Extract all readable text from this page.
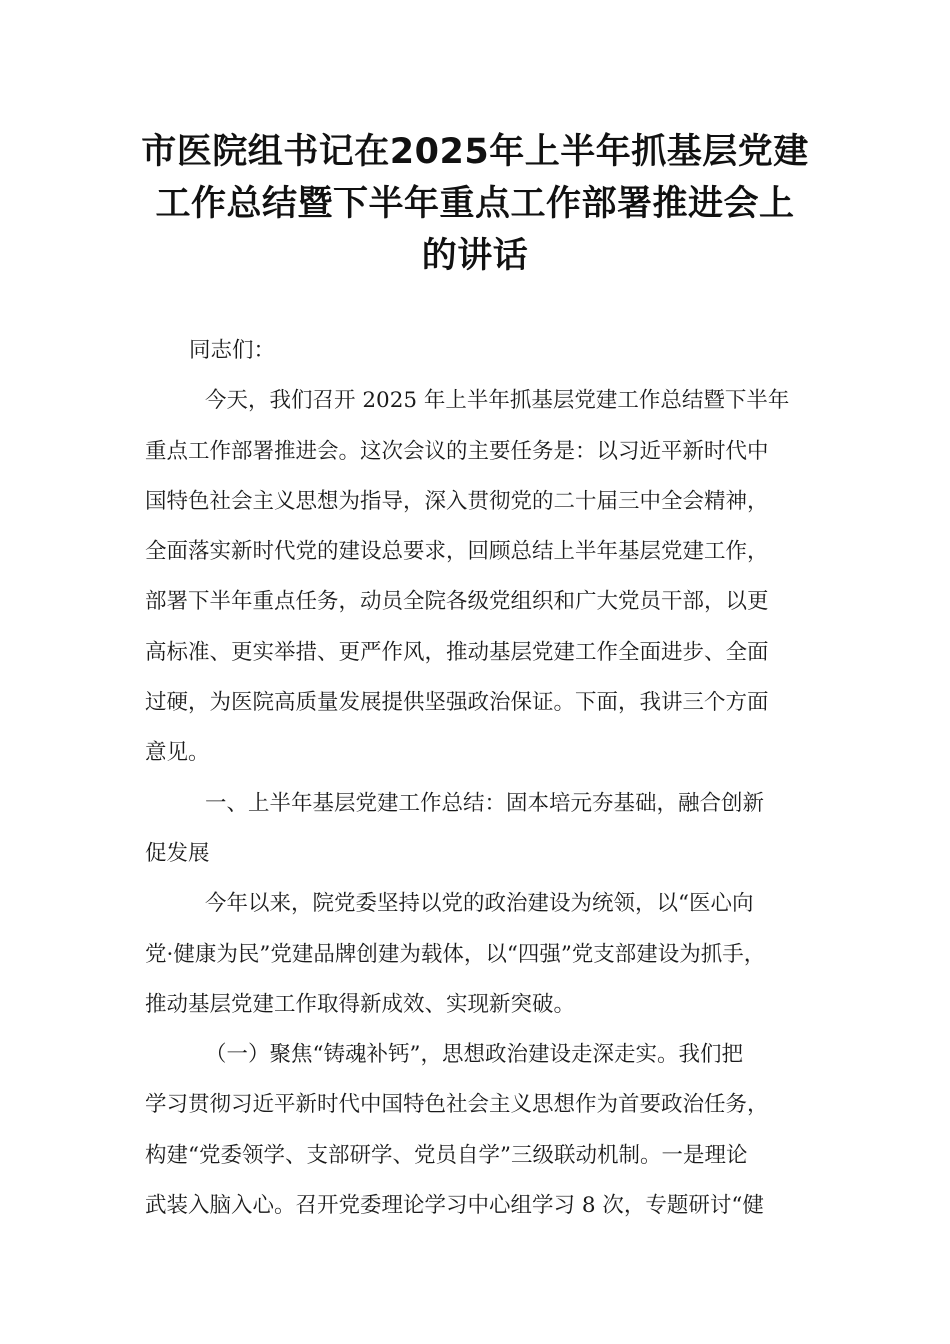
市医院组书记在2025年上半年抓基层党建
工作总结暨下半年重点工作部署推进会上
的讲话
同志们：
今天，我们召开 2025 年上半年抓基层党建工作总结暨下半年
重点工作部署推进会。这次会议的主要任务是：以习近平新时代中
国特色社会主义思想为指导，深入贯彻党的二十届三中全会精神，
全面落实新时代党的建设总要求，回顾总结上半年基层党建工作，
部署下半年重点任务，动员全院各级党组织和广大党员干部，以更
高标准、更实举措、更严作风，推动基层党建工作全面进步、全面
过硬，为医院高质量发展提供坚强政治保证。下面，我讲三个方面
意见。
一、上半年基层党建工作总结：固本培元夯基础，融合创新
促发展
今年以来，院党委坚持以党的政治建设为统领，以“医心向
党·健康为民”党建品牌创建为载体，以“四强”党支部建设为抓手，
推动基层党建工作取得新成效、实现新突破。
（一）聚焦“铸魂补钙”，思想政治建设走深走实。我们把
学习贯彻习近平新时代中国特色社会主义思想作为首要政治任务，
构建“党委领学、支部研学、党员自学”三级联动机制。一是理论
武装入脑入心。召开党委理论学习中心组学习 8 次，专题研讨“健
